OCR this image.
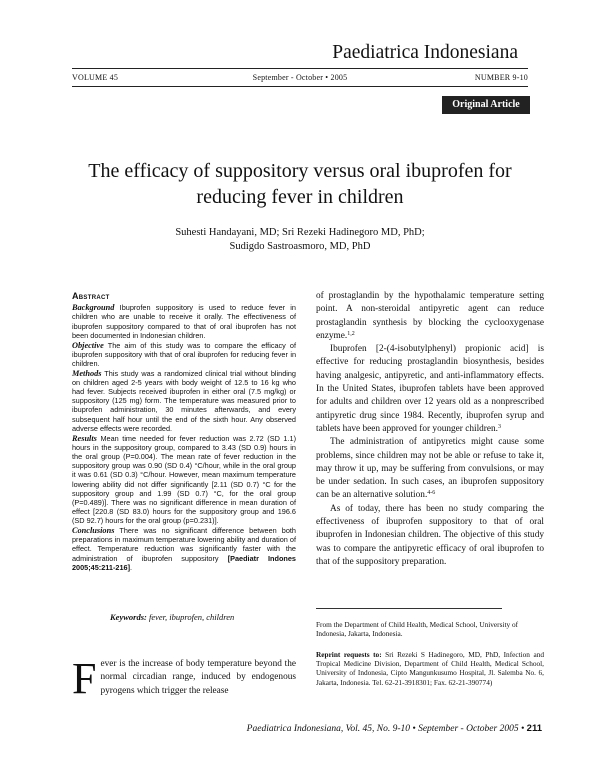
Paediatrica Indonesiana
VOLUME 45	September - October • 2005	NUMBER 9-10
Original Article
The efficacy of suppository versus oral ibuprofen for reducing fever in children
Suhesti Handayani, MD; Sri Rezeki Hadinegoro MD, PhD;
Sudigdo Sastroasmoro, MD, PhD
Abstract

Background Ibuprofen suppository is used to reduce fever in children who are unable to receive it orally. The effectiveness of ibuprofen suppository compared to that of oral ibuprofen has not been documented in Indonesian children.

Objective The aim of this study was to compare the efficacy of ibuprofen suppository with that of oral ibuprofen for reducing fever in children.

Methods This study was a randomized clinical trial without blinding on children aged 2-5 years with body weight of 12.5 to 16 kg who had fever. Subjects received ibuprofen in either oral (7.5 mg/kg) or suppository (125 mg) form. The temperature was measured prior to ibuprofen administration, 30 minutes afterwards, and every subsequent half hour until the end of the sixth hour. Any observed adverse effects were recorded.

Results Mean time needed for fever reduction was 2.72 (SD 1.1) hours in the suppository group, compared to 3.43 (SD 0.9) hours in the oral group (P=0.004). The mean rate of fever reduction in the suppository group was 0.90 (SD 0.4) °C/hour, while in the oral group it was 0.61 (SD 0.3) °C/hour. However, mean maximum temperature lowering ability did not differ significantly [2.11 (SD 0.7) °C for the suppository group and 1.99 (SD 0.7) °C, for the oral group (P=0.489)]. There was no significant difference in mean duration of effect [220.8 (SD 83.0) hours for the suppository group and 196.6 (SD 92.7) hours for the oral group (p=0.231)].

Conclusions There was no significant difference between both preparations in maximum temperature lowering ability and duration of effect. Temperature reduction was significantly faster with the administration of ibuprofen suppository [Paediatr Indones 2005;45:211-216].

Keywords: fever, ibuprofen, children
Fever is the increase of body temperature beyond the normal circadian range, induced by endogenous pyrogens which trigger the release

of prostaglandin by the hypothalamic temperature setting point. A non-steroidal antipyretic agent can reduce prostaglandin synthesis by blocking the cyclooxygenase enzyme.$^{1,2}$

Ibuprofen [2-(4-isobutylphenyl) propionic acid] is effective for reducing prostaglandin biosynthesis, besides having analgesic, antipyretic, and anti-inflammatory effects. In the United States, ibuprofen tablets have been approved for adults and children over 12 years old as a nonprescribed antipyretic drug since 1984. Recently, ibuprofen syrup and tablets have been approved for younger children.$^3$

The administration of antipyretics might cause some problems, since children may not be able or refuse to take it, may throw it up, may be suffering from convulsions, or may be under sedation. In such cases, an ibuprofen suppository can be an alternative solution.$^{4-6}$

As of today, there has been no study comparing the effectiveness of ibuprofen suppository to that of oral ibuprofen in Indonesian children. The objective of this study was to compare the antipyretic efficacy of oral ibuprofen to that of the suppository preparation.

From the Department of Child Health, Medical School, University of Indonesia, Jakarta, Indonesia.
Reprint requests to: Sri Rezeki S Hadinegoro, MD, PhD, Infection and Tropical Medicine Division, Department of Child Health, Medical School, University of Indonesia, Cipto Mangunkusumo Hospital, Jl. Salemba No. 6, Jakarta, Indonesia. Tel. 62-21-3918301; Fax. 62-21-390774)
Paediatrica Indonesiana, Vol. 45, No. 9-10 • September - October 2005 • 211
